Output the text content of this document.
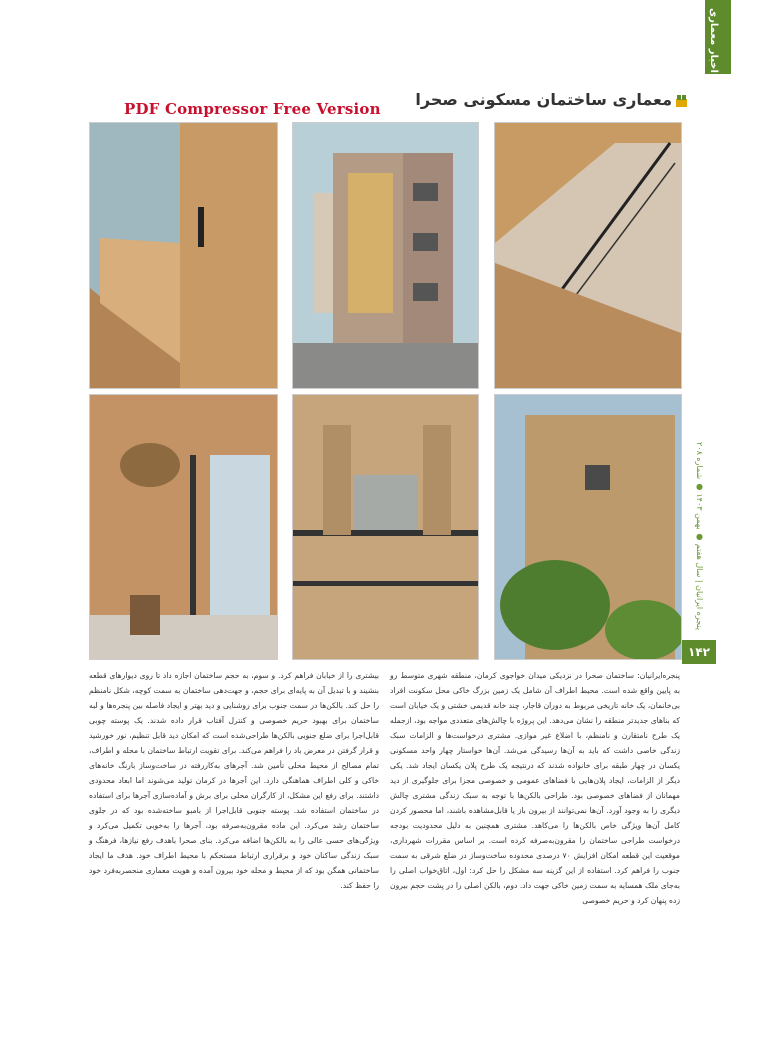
اخبار معماری
PDF Compressor Free Version معماری ساختمان مسکونی صحرا
پنجره ایرانیان | سال هفتم ● بهمن ۱۴۰۳ ● شماره ۲۰۸
۱۴۲

پنجره‌ایرانیان: ساختمان صحرا در نزدیکی میدان خواجوی کرمان، منطقه شهری متوسط رو به پایین واقع شده است. محیط اطراف آن شامل یک زمین بزرگ خاکی محل سکونت افراد بی‌خانمان، یک خانه تاریخی مربوط به دوران قاجار، چند خانه قدیمی خشتی و یک خیابان است که بناهای جدیدتر منطقه را نشان می‌دهد. این پروژه با چالش‌های متعددی مواجه بود، ازجمله یک طرح نامتقارن و نامنظم، با اضلاع غیر موازی. مشتری درخواست‌ها و الزامات سبک زندگی خاصی داشت که باید به آن‌ها رسیدگی می‌شد. آن‌ها خواستار چهار واحد مسکونی یکسان در چهار طبقه برای خانواده شدند که درنتیجه یک طرح پلان یکسان ایجاد شد. یکی دیگر از الزامات، ایجاد پلان‌هایی با فضاهای عمومی و خصوصی مجزا برای جلوگیری از دید مهمانان از فضاهای خصوصی بود. طراحی بالکن‌ها با توجه به سبک زندگی مشتری چالش دیگری را به وجود آورد. آن‌ها نمی‌توانند از بیرون باز یا قابل‌مشاهده باشند، اما محصور کردن کامل آن‌ها ویژگی خاص بالکن‌ها را می‌کاهد. مشتری همچنین به دلیل محدودیت بودجه درخواست طراحی ساختمان را مقرون‌به‌صرفه کرده است. بر اساس مقررات شهرداری، موقعیت این قطعه امکان افزایش ۷۰ درصدی محدوده ساخت‌وساز در ضلع شرقی به سمت جنوب را فراهم کرد. استفاده از این گزینه سه مشکل را حل کرد: اول، اتاق‌خواب اصلی را به‌جای ملک همسایه به سمت زمین خاکی جهت داد. دوم، بالکن اصلی را در پشت حجم بیرون زده پنهان کرد و حریم خصوصی

بیشتری را از خیابان فراهم کرد. و سوم، به حجم ساختمان اجازه داد تا روی دیوارهای قطعه بنشیند و با تبدیل آن به پایه‌ای برای حجم، و جهت‌دهی ساختمان به سمت کوچه، شکل نامنظم را حل کند. بالکن‌ها در سمت جنوب برای روشنایی و دید بهتر و ایجاد فاصله بین پنجره‌ها و لبه ساختمان برای بهبود حریم خصوصی و کنترل آفتاب قرار داده شدند. یک پوسته چوبی قابل‌اجرا برای ضلع جنوبی بالکن‌ها طراحی‌شده است که امکان دید قابل تنظیم، نور خورشید و قرار گرفتن در معرض باد را فراهم می‌کند. برای تقویت ارتباط ساختمان با محله و اطراف، تمام مصالح از محیط محلی تأمین شد. آجرهای به‌کاررفته در ساخت‌وساز بارنگ خانه‌های خاکی و کلی اطراف هماهنگی دارد. این آجرها در کرمان تولید می‌شوند اما ابعاد محدودی داشتند. برای رفع این مشکل، از کارگران محلی برای برش و آماده‌سازی آجرها برای استفاده در ساختمان استفاده شد. پوسته جنوبی قابل‌اجرا از بامبو ساخته‌شده بود که در جلوی ساختمان رشد می‌کرد. این ماده مقرون‌به‌صرفه بود، آجرها را به‌خوبی تکمیل می‌کرد و ویژگی‌های حسی عالی را به بالکن‌ها اضافه می‌کرد. بنای صحرا باهدف رفع نیازها، فرهنگ و سبک زندگی ساکنان خود و برقراری ارتباط مستحکم با محیط اطراف خود. هدف ما ایجاد ساختمانی همگن بود که از محیط و محله خود بیرون آمده و هویت معماری منحصربه‌فرد خود را حفظ کند.
